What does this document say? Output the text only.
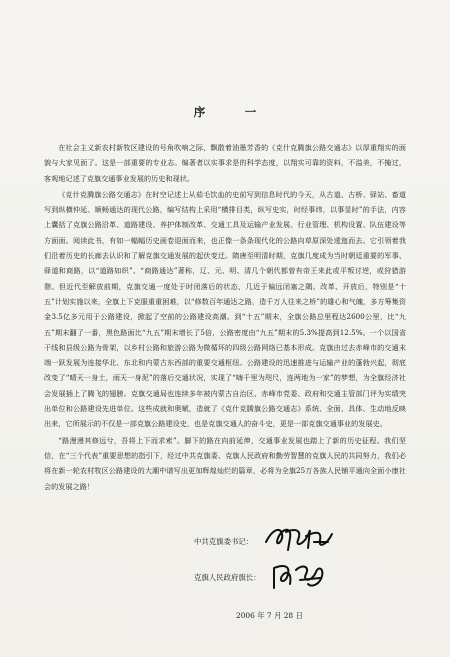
序　一

在社会主义新农村新牧区建设的号角吹响之际，飘散着油墨芳香的《克什克腾旗公路交通志》以厚重翔实的面貌与大家见面了。这是一部重要的专业志。编著者以实事求是的科学态度，以翔实可靠的资料，不溢美，不掩过，客观地记述了克旗交通事业发展的历史和现状。

《克什克腾旗公路交通志》在时空记述上从茹毛饮血的史前写到信息时代的今天，从古道、古桥、驿站、畜道写到纵横仲延、顺畅通达的现代公路，编写结构上采用“横排目类，纵写史实，时经事纬，以事显时”的手法，内容上囊括了克旗公路沿革、道路建设、养护体制改革、交通工具及运输产业发展、行业管理、机构设置、队伍建设等方面面。阅读此书，有如一幅幅历史画卷迎面而来，也正像一条条现代化的公路向草原深处逶迤而去。它引领着我们沿着历史的长廊去认识和了解克旗交通发展的起伏变迁。隋唐至明清时期，克旗几度成为当时朝廷重要的军事、驿道和商路，以“道路如织”、“商路通达”著称，辽、元、明、清几个朝代都曾有帝王来此或平叛讨逆，或狩猎游憩。但近代至解放前期，克旗交通一度处于时闭落后的状态，几近于偏远闭塞之隅。改革、开放后，特别是“十五”计划实施以来，全旗上下克服重重困难，以“修数百年通达之路，造千万人往来之桥”的雄心和气魄，多方筹集资金3.5亿多元用于公路建设，掀起了空前的公路建设高潮。到“十五”期末，全旗公路总里程达2600公里，比“九五”期末翻了一番，黑色路面比“九五”期末增长了5倍，公路密度由“九五”期末的5.3%提高到12.5%。一个以国省干线和县级公路为骨架，以乡村公路和旅游公路为微循环的四级公路网络已基本形成。克旗由过去赤峰市的交通末端一跃发展为连接华北、东北和内蒙古东西部的重要交通枢纽。公路建设的迅速推进与运输产业的蓬勃兴起，彻底改变了“晴天一身土，雨天一身泥”的落后交通状况，实现了“嗨千里为咫尺，连两地为一家”的梦想，为全旗经济社会发展插上了腾飞的翅膀。克旗交通局也连续多年被内蒙古自治区、赤峰市党委、政府和交通主管部门评为实绩突出单位和公路建设先进单位。这些成就和奥赋，造就了《克什克腾旗公路交通志》系统、全面、具体、生动地反映出来，它所展示的不仅是一部克旗公路建设史，也是克旗交通人的奋斗史，更是一部克旗交通事业的发展史。

“路漫漫其修远兮，吾将上下而求索”。脚下的路在向前延伸，交通事业发展也踏上了新的历史征程。我们坚信，在“三个代表”重要思想的指引下，经过中共克旗委、克旗人民政府和勤劳智慧的克旗人民的共同努力，我们必将在新一轮农村牧区公路建设的大潮中谱写出更加辉煌灿烂的篇章，必将为全旗25万各族人民铺平通向全面小康社会的发展之路！

中共克旗委书记：
克旗人民政府旗长：
2006 年 7 月 28 日
